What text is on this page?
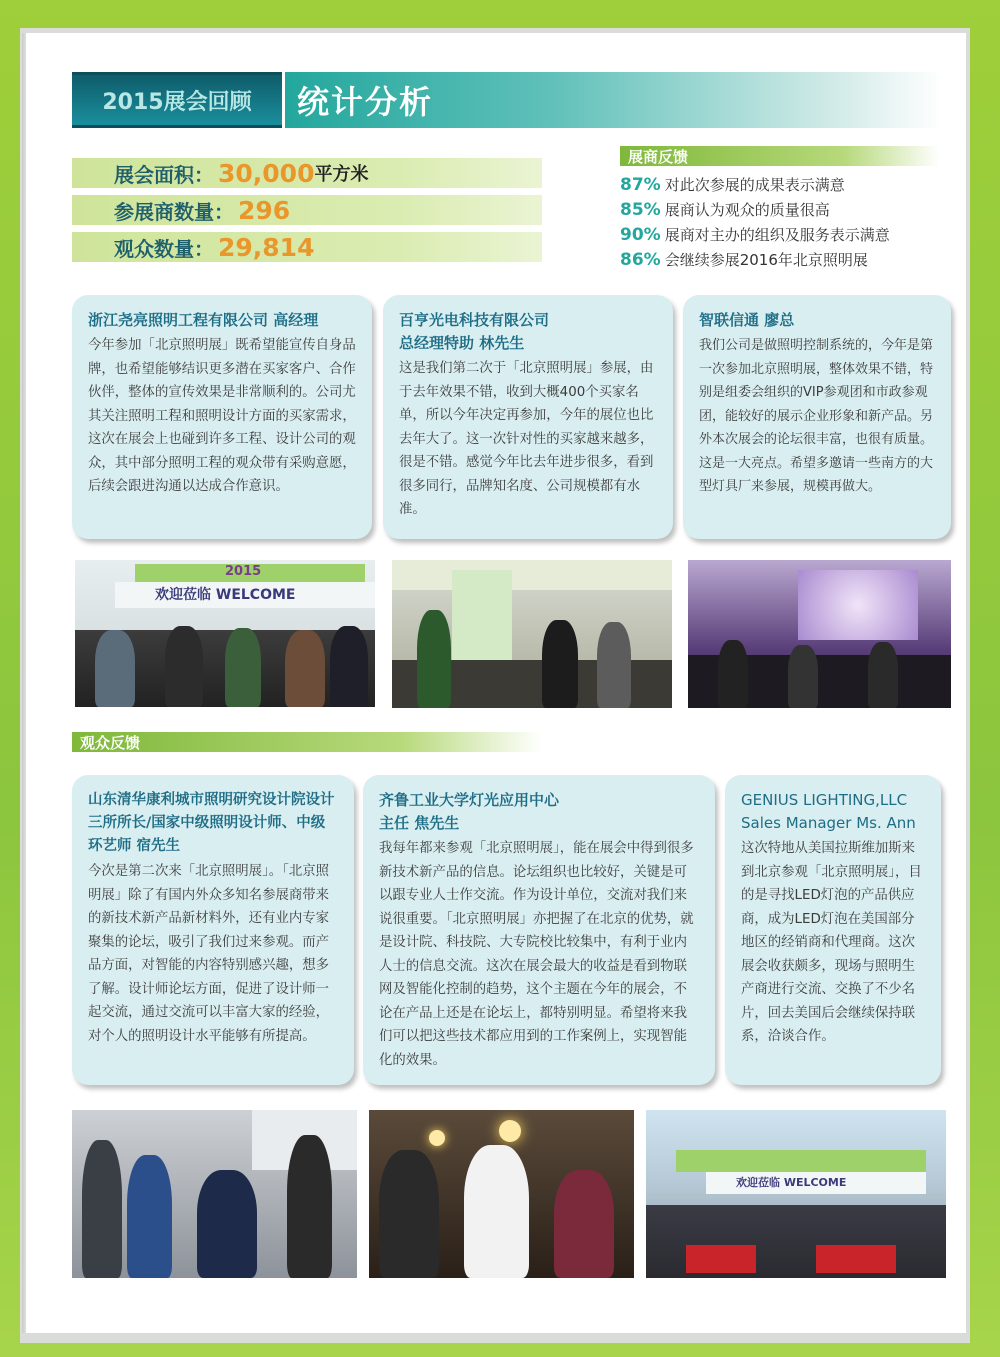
2015展会回顾 统计分析
展会面积： 30,000 平方米
参展商数量： 296
观众数量： 29,814
展商反馈
87% 对此次参展的成果表示满意
85% 展商认为观众的质量很高
90% 展商对主办的组织及服务表示满意
86% 会继续参展2016年北京照明展
浙江尧亮照明工程有限公司 高经理
今年参加「北京照明展」既希望能宣传自身品牌，也希望能够结识更多潜在买家客户、合作伙伴，整体的宣传效果是非常顺利的。公司尤其关注照明工程和照明设计方面的买家需求，这次在展会上也碰到许多工程、设计公司的观众，其中部分照明工程的观众带有采购意愿，后续会跟进沟通以达成合作意识。
百亨光电科技有限公司
总经理特助 林先生
这是我们第二次于「北京照明展」参展，由于去年效果不错，收到大概400个买家名单，所以今年决定再参加，今年的展位也比去年大了。这一次针对性的买家越来越多，很是不错。感觉今年比去年进步很多，看到很多同行，品牌知名度、公司规模都有水准。
智联信通 廖总
我们公司是做照明控制系统的，今年是第一次参加北京照明展，整体效果不错，特别是组委会组织的VIP参观团和市政参观团，能较好的展示企业形象和新产品。另外本次展会的论坛很丰富，也很有质量。这是一大亮点。希望多邀请一些南方的大型灯具厂来参展，规模再做大。
2015
欢迎莅临 WELCOME
观众反馈
山东清华康利城市照明研究设计院设计三所所长/国家中级照明设计师、中级环艺师 宿先生
今次是第二次来「北京照明展」。「北京照明展」除了有国内外众多知名参展商带来的新技术新产品新材料外，还有业内专家聚集的论坛，吸引了我们过来参观。而产品方面，对智能的内容特别感兴趣，想多了解。设计师论坛方面，促进了设计师一起交流，通过交流可以丰富大家的经验，对个人的照明设计水平能够有所提高。
齐鲁工业大学灯光应用中心
主任 焦先生
我每年都来参观「北京照明展」，能在展会中得到很多新技术新产品的信息。论坛组织也比较好，关键是可以跟专业人士作交流。作为设计单位，交流对我们来说很重要。「北京照明展」亦把握了在北京的优势，就是设计院、科技院、大专院校比较集中，有利于业内人士的信息交流。这次在展会最大的收益是看到物联网及智能化控制的趋势，这个主题在今年的展会，不论在产品上还是在论坛上，都特别明显。希望将来我们可以把这些技术都应用到的工作案例上，实现智能化的效果。
GENIUS LIGHTING,LLC
Sales Manager Ms. Ann
这次特地从美国拉斯维加斯来到北京参观「北京照明展」，目的是寻找LED灯泡的产品供应商，成为LED灯泡在美国部分地区的经销商和代理商。这次展会收获颇多，现场与照明生产商进行交流、交换了不少名片，回去美国后会继续保持联系，洽谈合作。
欢迎莅临 WELCOME
